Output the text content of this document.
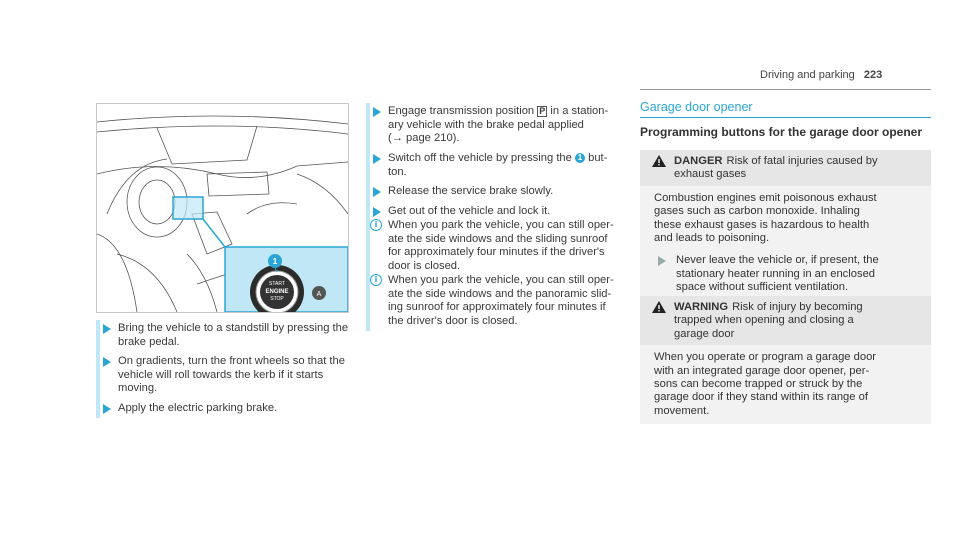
Driving and parking 223
START
ENGINE
STOP
A
1
Bring the vehicle to a standstill by pressing the
brake pedal.
On gradients, turn the front wheels so that the
vehicle will roll towards the kerb if it starts
moving.
Apply the electric parking brake.
Engage transmission position P in a station-
ary vehicle with the brake pedal applied
(→ page 210).
Switch off the vehicle by pressing the 1 but-
ton.
Release the service brake slowly.
Get out of the vehicle and lock it.
i When you park the vehicle, you can still oper-
ate the side windows and the sliding sunroof
for approximately four minutes if the driver's
door is closed.
i When you park the vehicle, you can still oper-
ate the side windows and the panoramic slid-
ing sunroof for approximately four minutes if
the driver's door is closed.
Garage door opener
Programming buttons for the garage door opener
DANGER Risk of fatal injuries caused by
exhaust gases
Combustion engines emit poisonous exhaust
gases such as carbon monoxide. Inhaling
these exhaust gases is hazardous to health
and leads to poisoning.
Never leave the vehicle or, if present, the
stationary heater running in an enclosed
space without sufficient ventilation.
WARNING Risk of injury by becoming
trapped when opening and closing a
garage door
When you operate or program a garage door
with an integrated garage door opener, per-
sons can become trapped or struck by the
garage door if they stand within its range of
movement.
